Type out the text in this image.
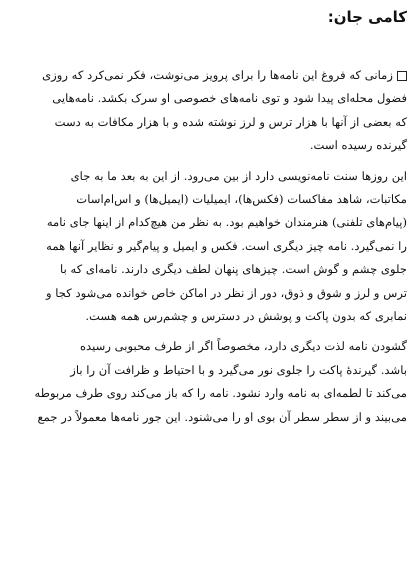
کامی جان:
زمانی که فروغ این نامه‌ها را برای پرویز می‌نوشت، فکر نمی‌کرد که روزی
فضول محله‌ای پیدا شود و توی نامه‌های خصوصی او سرک بکشد. نامه‌هایی
که بعضی از آنها با هزار ترس و لرز نوشته شده و با هزار مکافات به دست
گیرنده رسیده است.
این روزها سنت نامه‌نویسی دارد از بین می‌رود. از این به بعد ما به جای
مکاتبات، شاهد مفاکسات (فکس‌ها)، ایمیلیات (ایمیل‌ها) و اس‌ام‌اسات
(پیام‌های تلفنی) هنرمندان خواهیم بود. به نظر من هیچ‌کدام از اینها جای نامه
را نمی‌گیرد. نامه چیز دیگری است. فکس و ایمیل و پیام‌گیر و نظایر آنها همه
جلوی چشم و گوش است. چیزهای پنهان لطف دیگری دارند. نامه‌ای که با
ترس و لرز و شوق و ذوق، دور از نظر در اماکن خاص خوانده می‌شود کجا و
نمابری که بدون پاکت و پوشش در دسترس و چشم‌رس همه هست.
گشودن نامه لذت دیگری دارد، مخصوصاً اگر از طرف محبوبی رسیده
باشد. گیرندهٔ پاکت را جلوی نور می‌گیرد و با احتیاط و ظرافت آن را باز
می‌کند تا لطمه‌ای به نامه وارد نشود. نامه را که باز می‌کند روی طرف مربوطه
می‌بیند و از سطر سطر آن بوی او را می‌شنود. این جور نامه‌ها معمولاً در جمع
